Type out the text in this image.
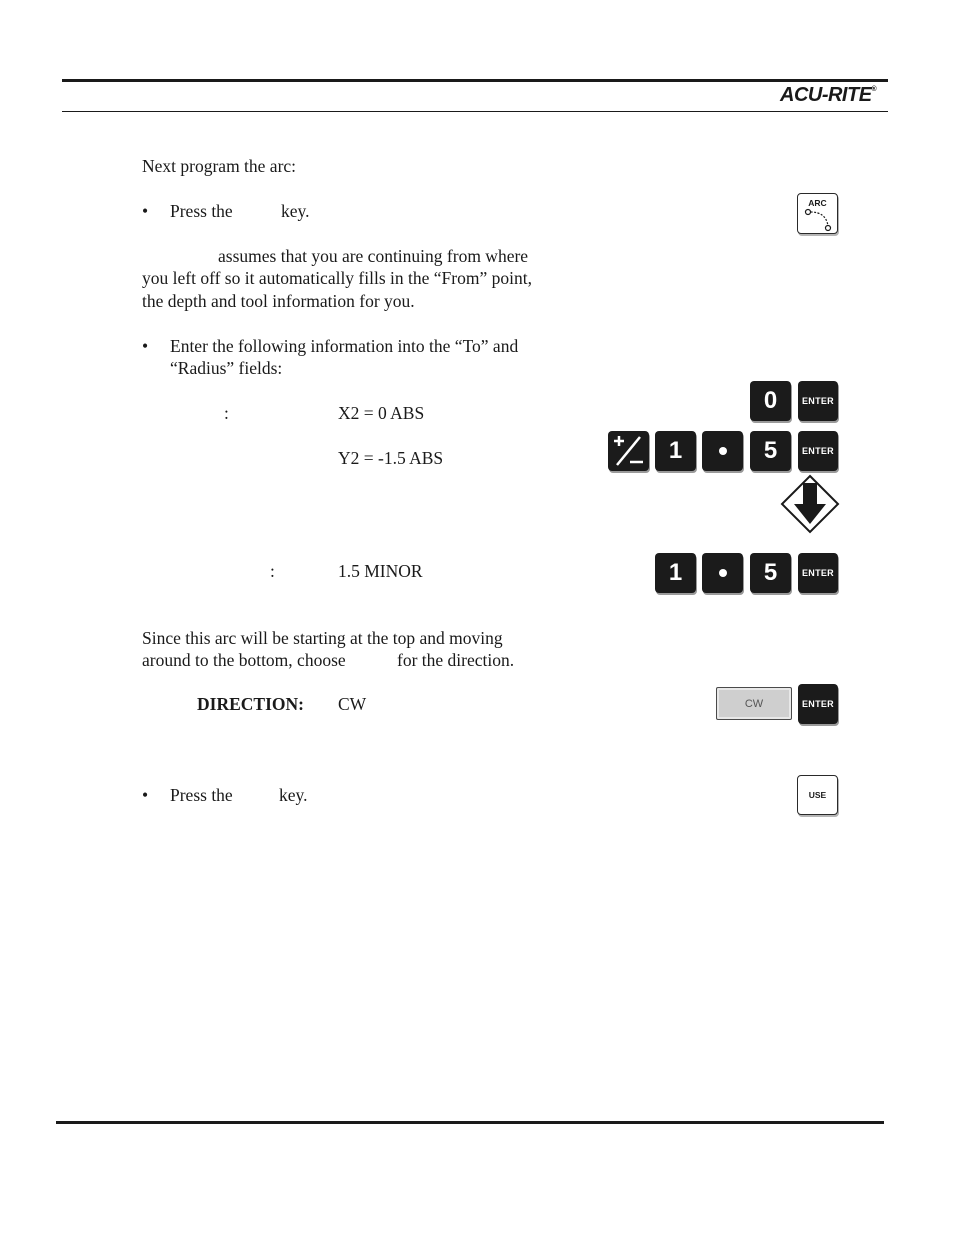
ACU-RITE®
Next program the arc:
• Press the	key.
assumes that you are continuing from where
you left off so it automatically fills in the “From” point,
the depth and tool information for you.
• Enter the following information into the “To” and
“Radius” fields:
:	X2 = 0 ABS
Y2 = -1.5 ABS
:	1.5 MINOR
Since this arc will be starting at the top and moving
around to the bottom, choose	for the direction.
DIRECTION: CW
• Press the	key.
ARC
0	ENTER
1	5	ENTER
1	5	ENTER
CW	ENTER
USE
